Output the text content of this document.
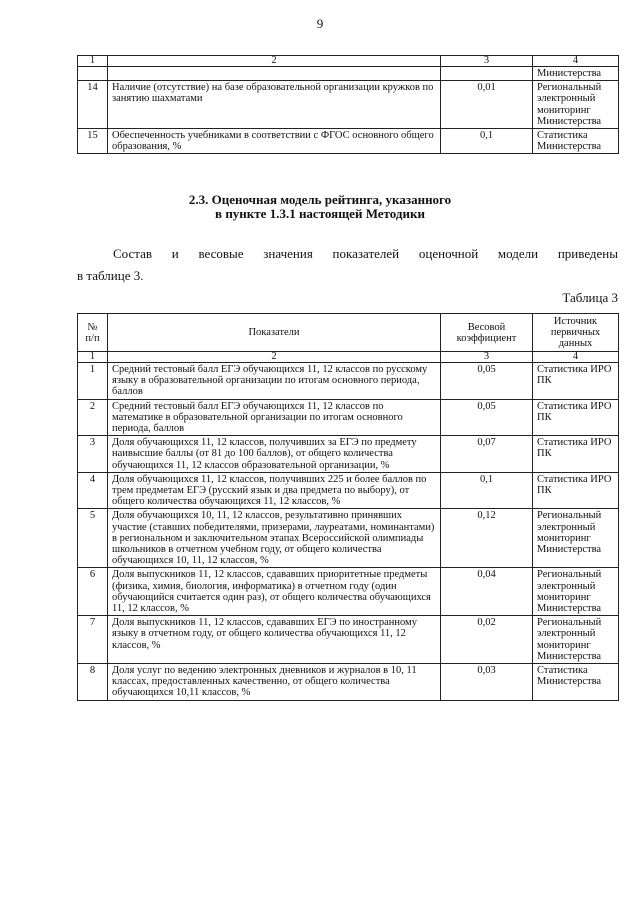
9
1	2	3	4
			Министерства
14	Наличие (отсутствие) на базе образовательной организации кружков по занятию шахматами	0,01	Региональный электронный мониторинг Министерства
15	Обеспеченность учебниками в соответствии с ФГОС основного общего образования, %	0,1	Статистика Министерства
2.3. Оценочная модель рейтинга, указанного
в пункте 1.3.1 настоящей Методики
Состав и весовые значения показателей оценочной модели приведены
в таблице 3.
Таблица 3
№ п/п	Показатели	Весовой коэффициент	Источник первичных данных
1	2	3	4
1	Средний тестовый балл ЕГЭ обучающихся 11, 12 классов по русскому языку в образовательной организации по итогам основного периода, баллов	0,05	Статистика ИРО ПК
2	Средний тестовый балл ЕГЭ обучающихся 11, 12 классов по математике в образовательной организации по итогам основного периода, баллов	0,05	Статистика ИРО ПК
3	Доля обучающихся 11, 12 классов, получивших за ЕГЭ по предмету наивысшие баллы (от 81 до 100 баллов), от общего количества обучающихся 11, 12 классов образовательной организации, %	0,07	Статистика ИРО ПК
4	Доля обучающихся 11, 12 классов, получивших 225 и более баллов по трем предметам ЕГЭ (русский язык и два предмета по выбору), от общего количества обучающихся 11, 12 классов, %	0,1	Статистика ИРО ПК
5	Доля обучающихся 10, 11, 12 классов, результативно принявших участие (ставших победителями, призерами, лауреатами, номинантами) в региональном и заключительном этапах Всероссийской олимпиады школьников в отчетном учебном году, от общего количества обучающихся 10, 11, 12 классов, %	0,12	Региональный электронный мониторинг Министерства
6	Доля выпускников 11, 12 классов, сдававших приоритетные предметы (физика, химия, биология, информатика) в отчетном году (один обучающийся считается один раз), от общего количества обучающихся 11, 12 классов, %	0,04	Региональный электронный мониторинг Министерства
7	Доля выпускников 11, 12 классов, сдававших ЕГЭ по иностранному языку в отчетном году, от общего количества обучающихся 11, 12 классов, %	0,02	Региональный электронный мониторинг Министерства
8	Доля услуг по ведению электронных дневников и журналов в 10, 11 классах, предоставленных качественно, от общего количества обучающихся 10,11 классов, %	0,03	Статистика Министерства
